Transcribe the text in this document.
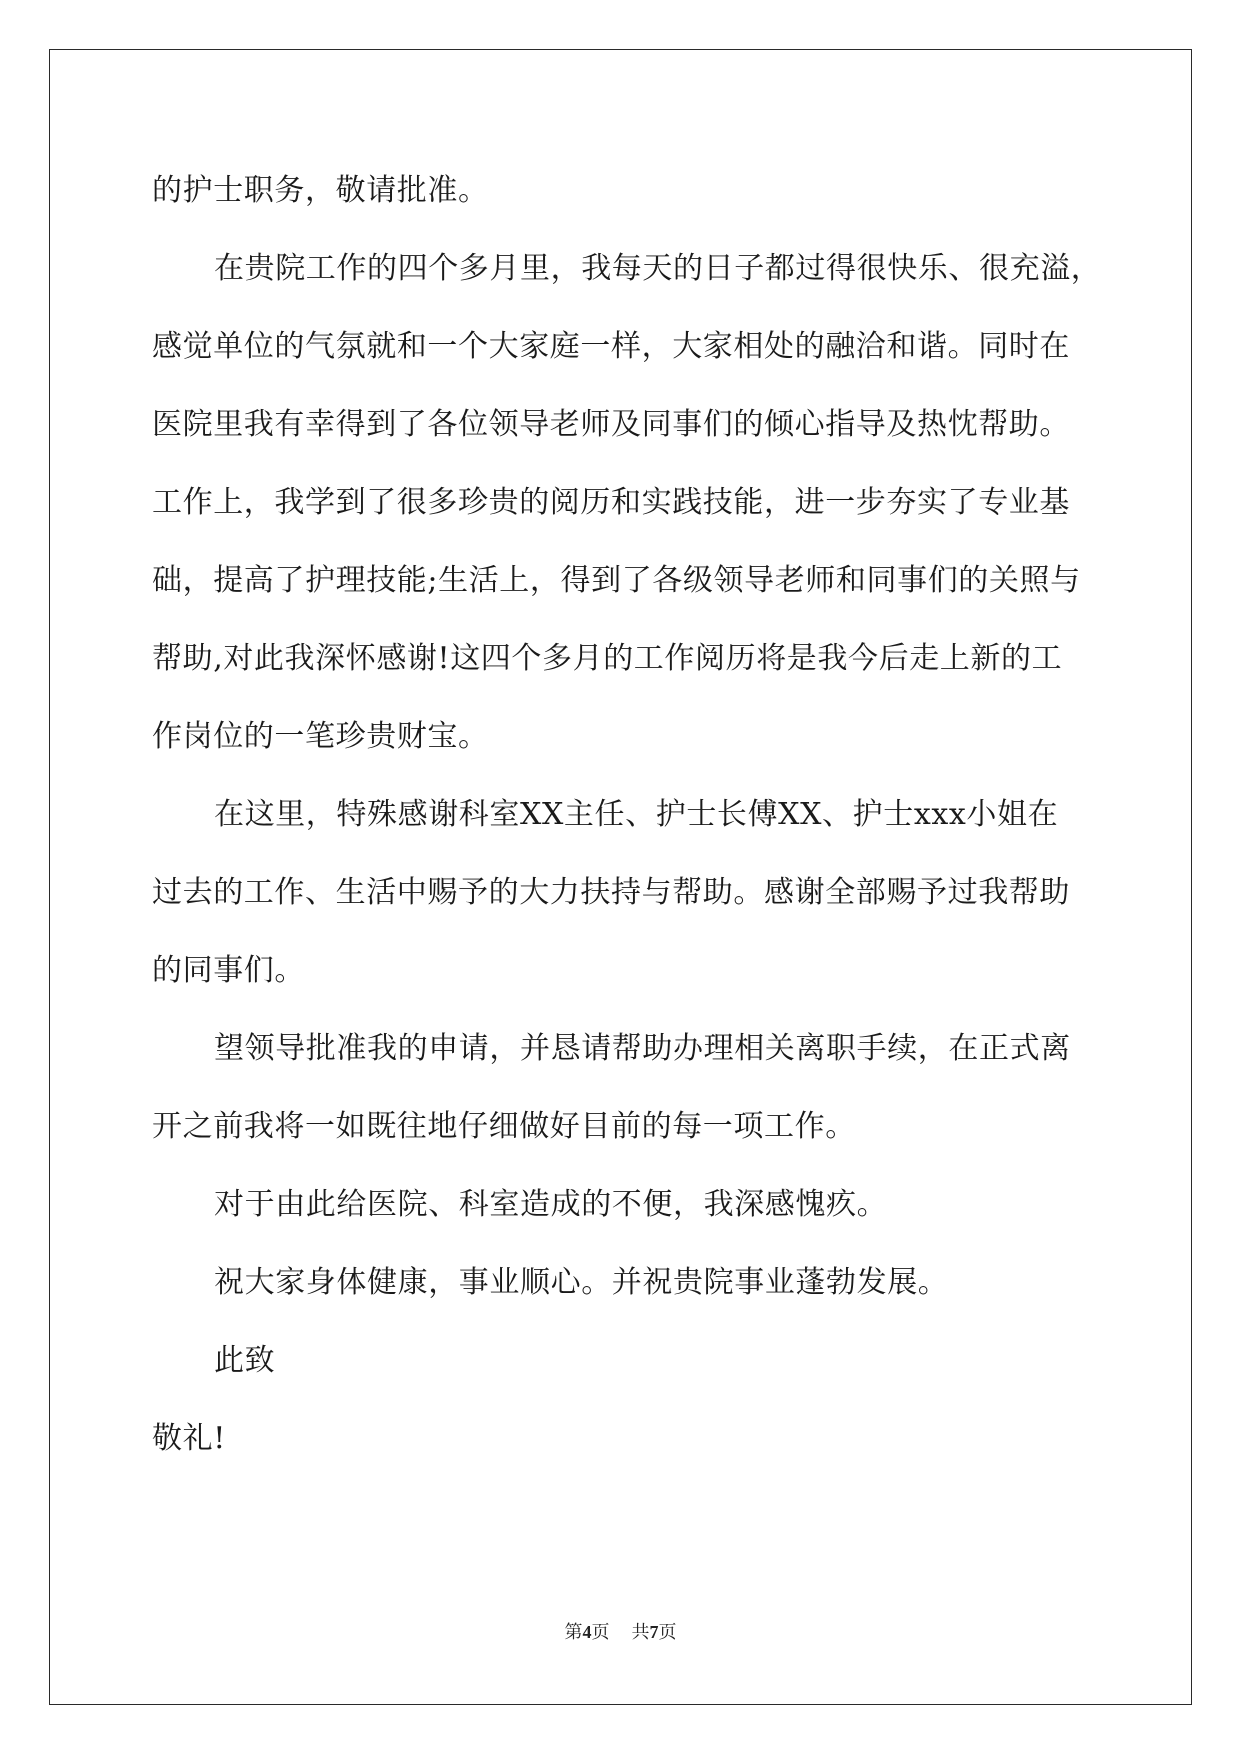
的护士职务，敬请批准。
在贵院工作的四个多月里，我每天的日子都过得很快乐、很充溢，
感觉单位的气氛就和一个大家庭一样，大家相处的融洽和谐。同时在
医院里我有幸得到了各位领导老师及同事们的倾心指导及热忱帮助。
工作上，我学到了很多珍贵的阅历和实践技能，进一步夯实了专业基
础，提高了护理技能;生活上，得到了各级领导老师和同事们的关照与
帮助,对此我深怀感谢!这四个多月的工作阅历将是我今后走上新的工
作岗位的一笔珍贵财宝。
在这里，特殊感谢科室XX主任、护士长傅XX、护士xxx小姐在
过去的工作、生活中赐予的大力扶持与帮助。感谢全部赐予过我帮助
的同事们。
望领导批准我的申请，并恳请帮助办理相关离职手续，在正式离
开之前我将一如既往地仔细做好目前的每一项工作。
对于由此给医院、科室造成的不便，我深感愧疚。
祝大家身体健康，事业顺心。并祝贵院事业蓬勃发展。
此致
敬礼!
第4页 共7页
